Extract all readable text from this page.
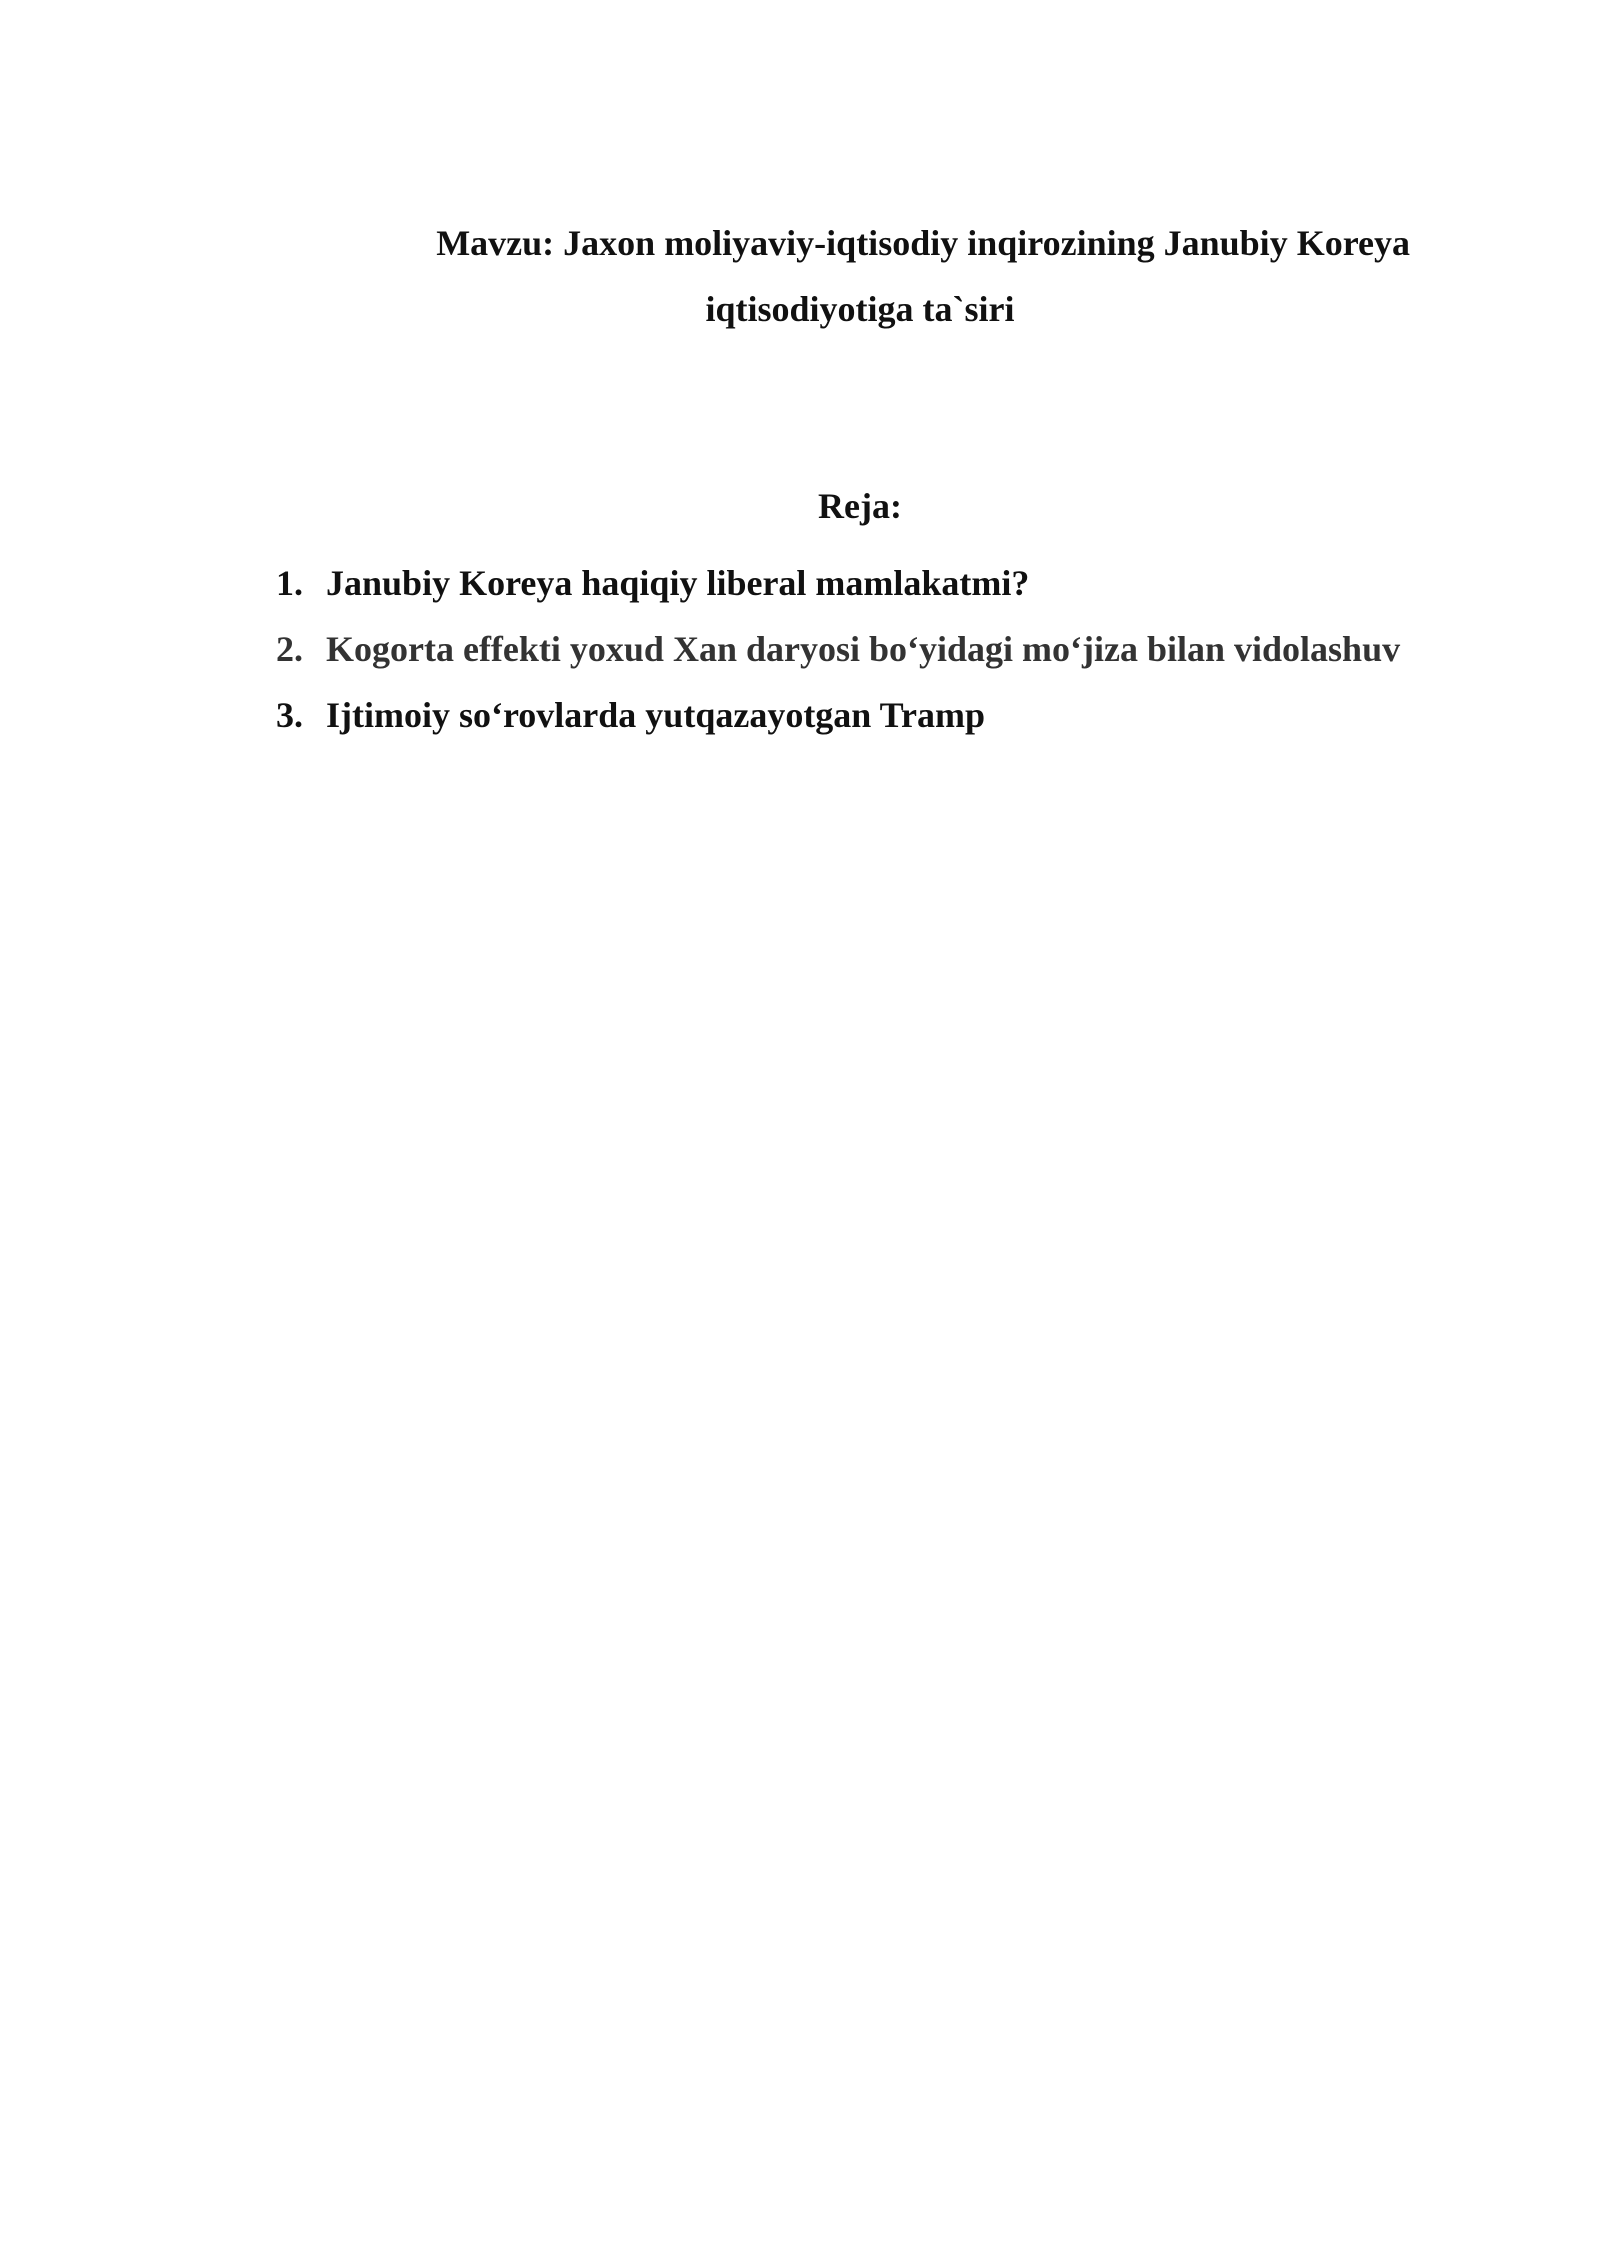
Mavzu: Jaxon moliyaviy-iqtisodiy inqirozining Janubiy Koreya
iqtisodiyotiga ta`siri
Reja:
1. Janubiy Koreya haqiqiy liberal mamlakatmi?
2. Kogorta effekti yoxud Xan daryosi bo‘yidagi mo‘jiza bilan vidolashuv
3. Ijtimoiy so‘rovlarda yutqazayotgan Tramp
